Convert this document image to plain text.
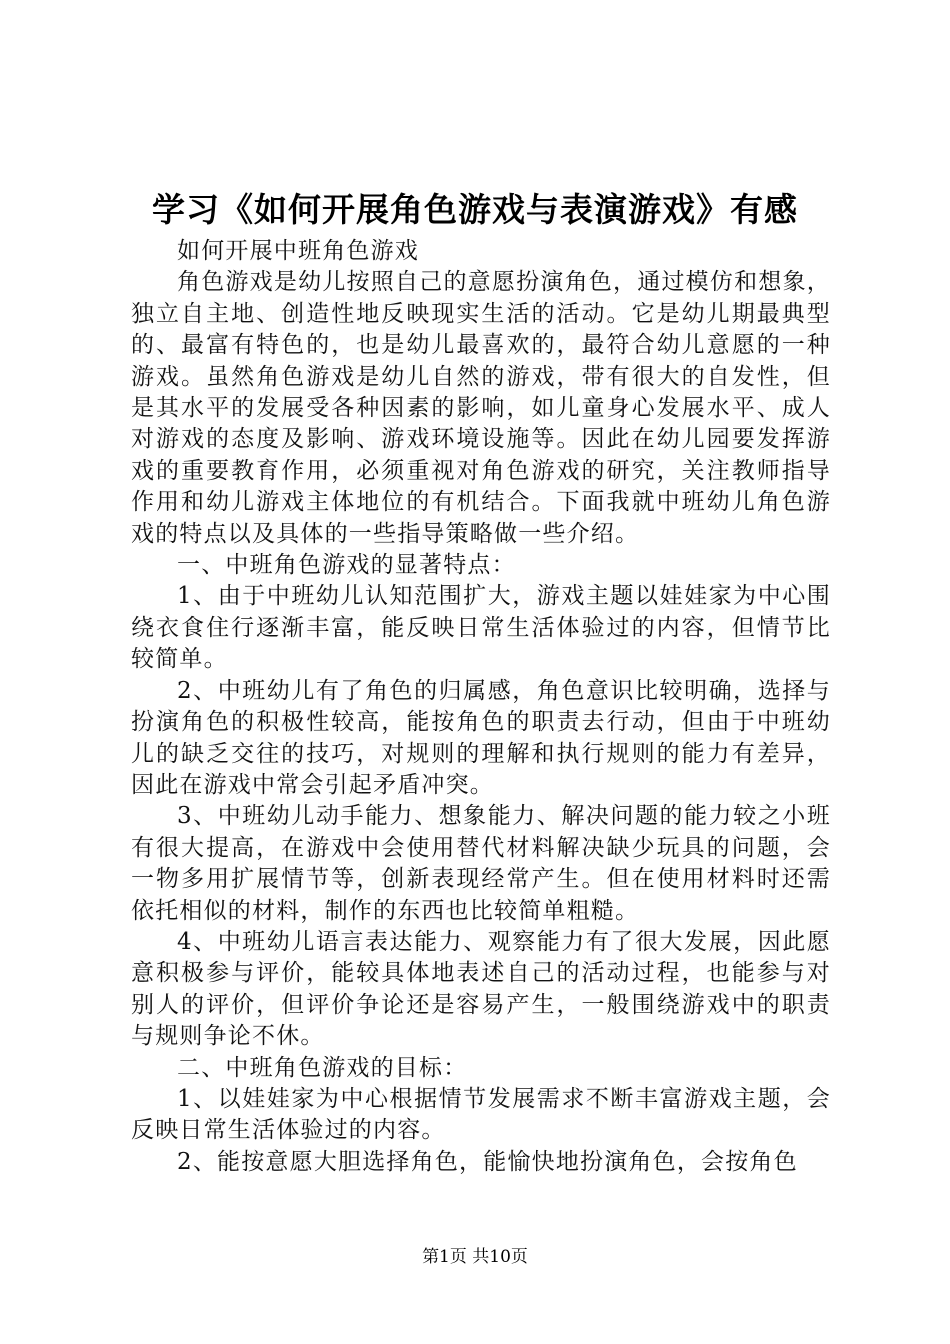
学习《如何开展角色游戏与表演游戏》有感

如何开展中班角色游戏

角色游戏是幼儿按照自己的意愿扮演角色，通过模仿和想象，独立自主地、创造性地反映现实生活的活动。它是幼儿期最典型的、最富有特色的，也是幼儿最喜欢的，最符合幼儿意愿的一种游戏。虽然角色游戏是幼儿自然的游戏，带有很大的自发性，但是其水平的发展受各种因素的影响，如儿童身心发展水平、成人对游戏的态度及影响、游戏环境设施等。因此在幼儿园要发挥游戏的重要教育作用，必须重视对角色游戏的研究，关注教师指导作用和幼儿游戏主体地位的有机结合。下面我就中班幼儿角色游戏的特点以及具体的一些指导策略做一些介绍。

一、中班角色游戏的显著特点：

1、由于中班幼儿认知范围扩大，游戏主题以娃娃家为中心围绕衣食住行逐渐丰富，能反映日常生活体验过的内容，但情节比较简单。

2、中班幼儿有了角色的归属感，角色意识比较明确，选择与扮演角色的积极性较高，能按角色的职责去行动，但由于中班幼儿的缺乏交往的技巧，对规则的理解和执行规则的能力有差异，因此在游戏中常会引起矛盾冲突。

3、中班幼儿动手能力、想象能力、解决问题的能力较之小班有很大提高，在游戏中会使用替代材料解决缺少玩具的问题，会一物多用扩展情节等，创新表现经常产生。但在使用材料时还需依托相似的材料，制作的东西也比较简单粗糙。

4、中班幼儿语言表达能力、观察能力有了很大发展，因此愿意积极参与评价，能较具体地表述自己的活动过程，也能参与对别人的评价，但评价争论还是容易产生，一般围绕游戏中的职责与规则争论不休。

二、中班角色游戏的目标：

1、以娃娃家为中心根据情节发展需求不断丰富游戏主题，会反映日常生活体验过的内容。

2、能按意愿大胆选择角色，能愉快地扮演角色，会按角色

第1页 共10页
